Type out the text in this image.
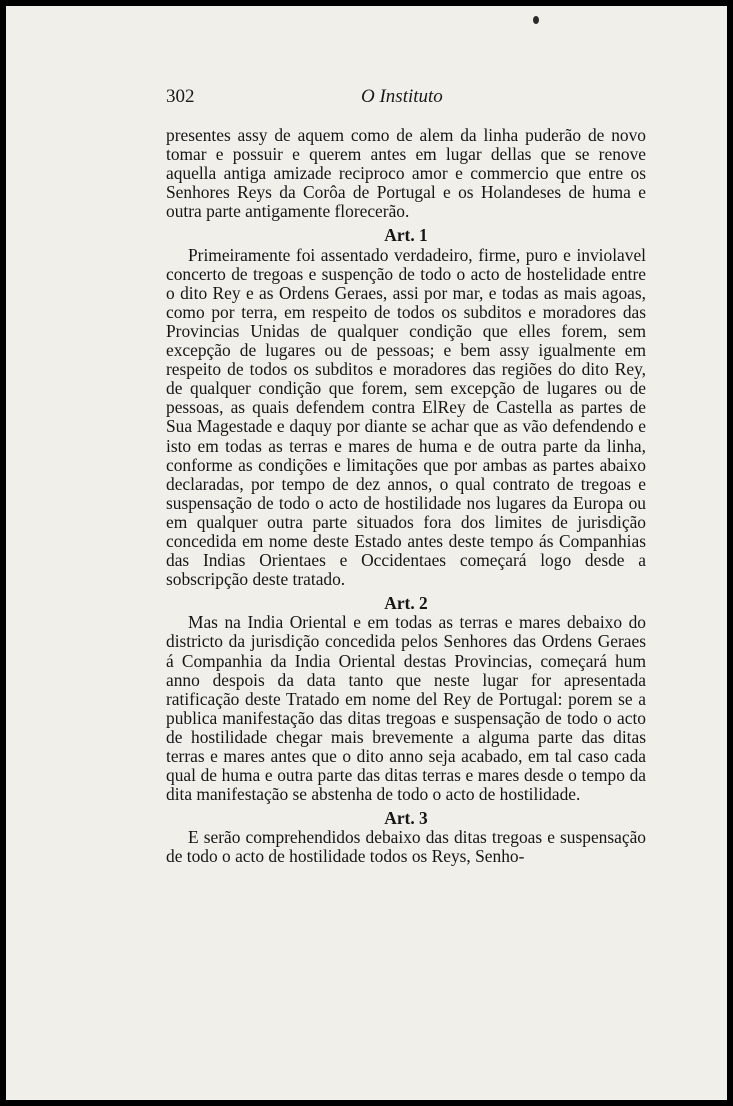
302	O Instituto

presentes assy de aquem como de alem da linha puderão de novo tomar e possuir e querem antes em lugar dellas que se renove aquella antiga amizade reciproco amor e commercio que entre os Senhores Reys da Corôa de Portugal e os Holandeses de huma e outra parte antigamente florecerão.

Art. 1

Primeiramente foi assentado verdadeiro, firme, puro e inviolavel concerto de tregoas e suspenção de todo o acto de hostelidade entre o dito Rey e as Ordens Geraes, assi por mar, e todas as mais agoas, como por terra, em respeito de todos os subditos e moradores das Provincias Unidas de qualquer condição que elles forem, sem excepção de lugares ou de pessoas; e bem assy igualmente em respeito de todos os subditos e moradores das regiões do dito Rey, de qualquer condição que forem, sem excepção de lugares ou de pessoas, as quais defendem contra ElRey de Castella as partes de Sua Magestade e daquy por diante se achar que as vão defendendo e isto em todas as terras e mares de huma e de outra parte da linha, conforme as condições e limitações que por ambas as partes abaixo declaradas, por tempo de dez annos, o qual contrato de tregoas e suspensação de todo o acto de hostilidade nos lugares da Europa ou em qualquer outra parte situados fora dos limites de jurisdição concedida em nome deste Estado antes deste tempo ás Companhias das Indias Orientaes e Occidentaes começará logo desde a sobscripção deste tratado.

Art. 2

Mas na India Oriental e em todas as terras e mares debaixo do districto da jurisdição concedida pelos Senhores das Ordens Geraes á Companhia da India Oriental destas Provincias, começará hum anno despois da data tanto que neste lugar for apresentada ratificação deste Tratado em nome del Rey de Portugal: porem se a publica manifestação das ditas tregoas e suspensação de todo o acto de hostilidade chegar mais brevemente a alguma parte das ditas terras e mares antes que o dito anno seja acabado, em tal caso cada qual de huma e outra parte das ditas terras e mares desde o tempo da dita manifestação se abstenha de todo o acto de hostilidade.

Art. 3

E serão comprehendidos debaixo das ditas tregoas e suspensação de todo o acto de hostilidade todos os Reys, Senho-
